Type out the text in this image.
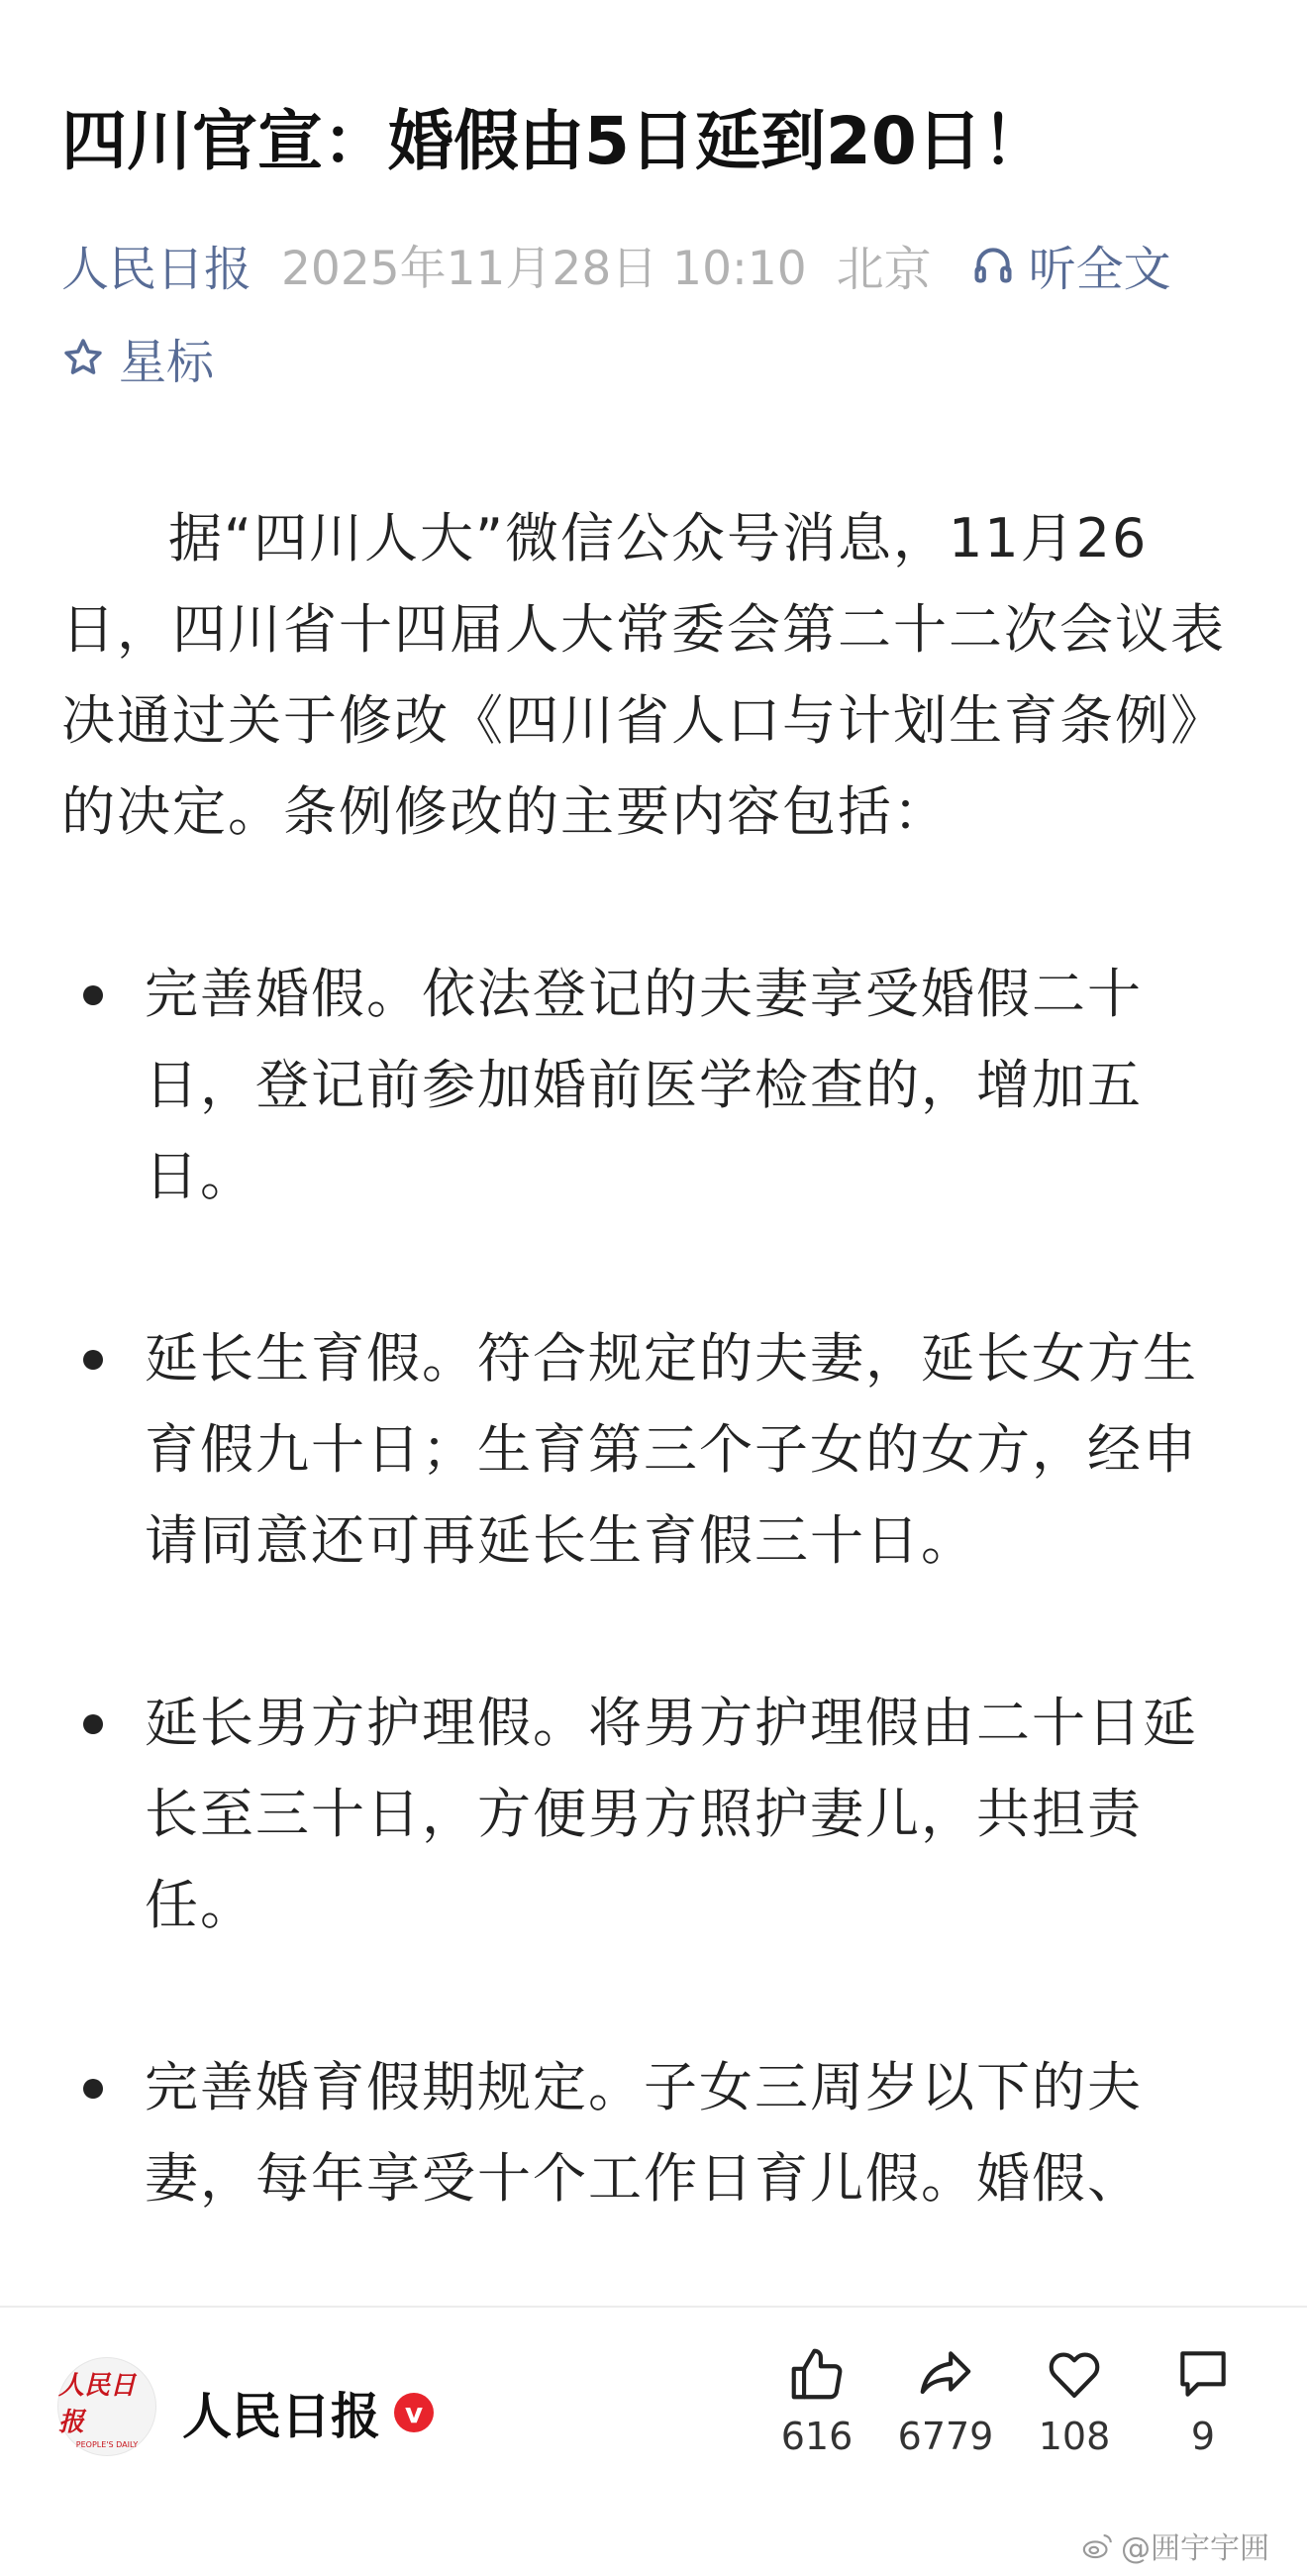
四川官宣：婚假由5日延到20日！
人民日报 2025年11月28日 10:10 北京 听全文
星标

据“四川人大”微信公众号消息，11月26日，四川省十四届人大常委会第二十二次会议表决通过关于修改《四川省人口与计划生育条例》的决定。条例修改的主要内容包括：

完善婚假。依法登记的夫妻享受婚假二十日，登记前参加婚前医学检查的，增加五日。
延长生育假。符合规定的夫妻，延长女方生育假九十日；生育第三个子女的女方，经申请同意还可再延长生育假三十日。
延长男方护理假。将男方护理假由二十日延长至三十日，方便男方照护妻儿，共担责任。
完善婚育假期规定。子女三周岁以下的夫妻，每年享受十个工作日育儿假。婚假、
人民日报
PEOPLE'S DAILY 人民日报 v
616 6779 108 9
@囲宇宇囲
